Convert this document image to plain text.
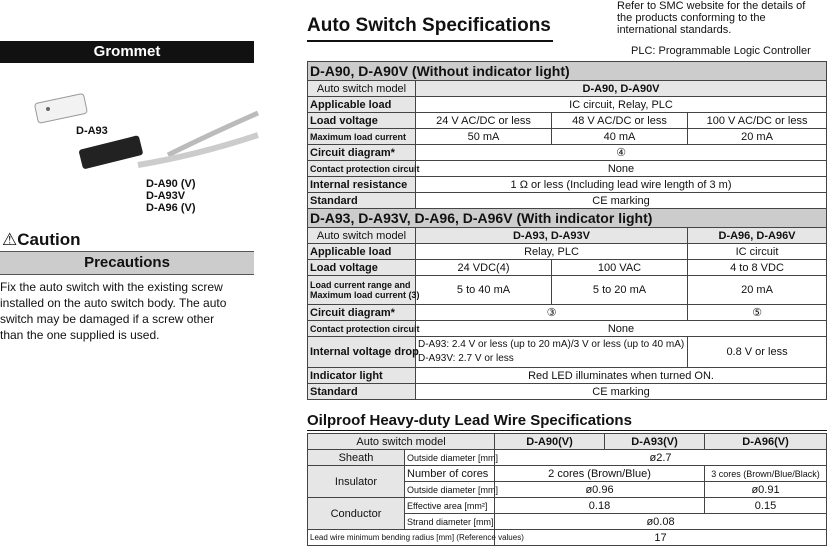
Grommet
D-A93
D-A90 (V)
D-A93V
D-A96 (V)
⚠Caution
Precautions
Fix the auto switch with the existing screw
installed on the auto switch body. The auto
switch may be damaged if a screw other
than the one supplied is used.
Auto Switch Specifications
Refer to SMC website for the details of
the products conforming to the
international standards.
PLC: Programmable Logic Controller
D-A90, D-A90V (Without indicator light)			
Auto switch model	D-A90, D-A90V		
Applicable load	IC circuit, Relay, PLC		
Load voltage	24 V AC/DC or less	48 V AC/DC or less	100 V AC/DC or less
Maximum load current	50 mA	40 mA	20 mA
Circuit diagram*	④		
Contact protection circuit	None		
Internal resistance	1 Ω or less (Including lead wire length of 3 m)		
Standard	CE marking		
D-A93, D-A93V, D-A96, D-A96V (With indicator light)			
Auto switch model	D-A93, D-A93V		D-A96, D-A96V
Applicable load	Relay, PLC		IC circuit
Load voltage	24 VDC(4)	100 VAC	4 to 8 VDC

Load current range and
Maximum load current (3)	5 to 40 mA	5 to 20 mA	20 mA
Circuit diagram*	③		⑤
Contact protection circuit	None		
Internal voltage drop	D-A93: 2.4 V or less (up to 20 mA)/3 V or less (up to 40 mA)
D-A93V: 2.7 V or less		0.8 V or less
Indicator light	Red LED illuminates when turned ON.		
Standard	CE marking		
Oilproof Heavy-duty Lead Wire Specifications
Auto switch model		D-A90(V)	D-A93(V)	D-A96(V)
Sheath	Outside diameter [mm]	ø2.7		
Insulator	Number of cores	2 cores (Brown/Blue)		3 cores (Brown/Blue/Black)
	Outside diameter [mm]	ø0.96		ø0.91
Conductor	Effective area [mm²]	0.18		0.15
	Strand diameter [mm]	ø0.08		
Lead wire minimum bending radius [mm] (Reference values)		17		
